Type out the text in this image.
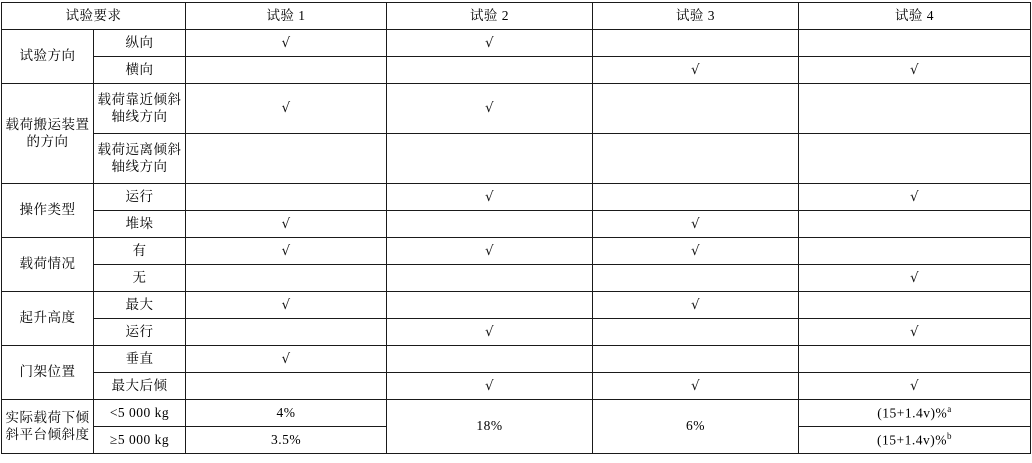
试验要求		试验 1	试验 2	试验 3	试验 4
试验方向	纵向	√	√		
	横向			√	√
载荷搬运装置的方向	载荷靠近倾斜轴线方向	√	√		
	载荷远离倾斜轴线方向				
操作类型	运行		√		√
	堆垛	√		√	
载荷情况	有	√	√	√	
	无				√
起升高度	最大	√		√	
	运行		√		√
门架位置	垂直	√			
	最大后倾		√	√	√
实际载荷下倾斜平台倾斜度	<5 000 kg	4%	18%	6%	(15+1.4v)%$^a$
	≥5 000 kg	3.5%			(15+1.4v)%$^b$
